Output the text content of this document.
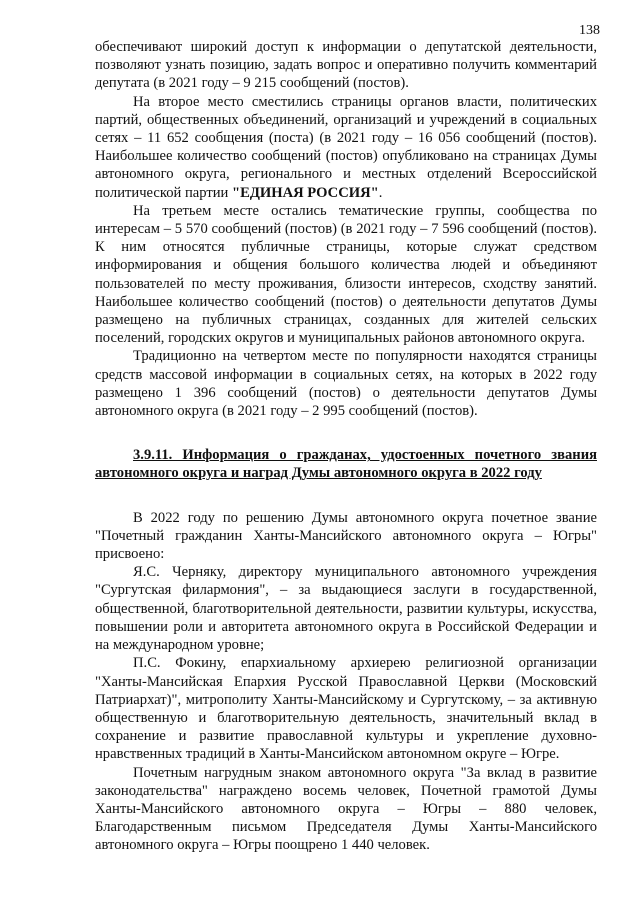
138

обеспечивают широкий доступ к информации о депутатской деятельности, позволяют узнать позицию, задать вопрос и оперативно получить комментарий депутата (в 2021 году – 9 215 сообщений (постов).

На второе место сместились страницы органов власти, политических партий, общественных объединений, организаций и учреждений в социальных сетях – 11 652 сообщения (поста) (в 2021 году – 16 056 сообщений (постов). Наибольшее количество сообщений (постов) опубликовано на страницах Думы автономного округа, регионального и местных отделений Всероссийской политической партии "ЕДИНАЯ РОССИЯ".

На третьем месте остались тематические группы, сообщества по интересам – 5 570 сообщений (постов) (в 2021 году – 7 596 сообщений (постов). К ним относятся публичные страницы, которые служат средством информирования и общения большого количества людей и объединяют пользователей по месту проживания, близости интересов, сходству занятий. Наибольшее количество сообщений (постов) о деятельности депутатов Думы размещено на публичных страницах, созданных для жителей сельских поселений, городских округов и муниципальных районов автономного округа.

Традиционно на четвертом месте по популярности находятся страницы средств массовой информации в социальных сетях, на которых в 2022 году размещено 1 396 сообщений (постов) о деятельности депутатов Думы автономного округа (в 2021 году – 2 995 сообщений (постов).

3.9.11. Информация о гражданах, удостоенных почетного звания автономного округа и наград Думы автономного округа в 2022 году

В 2022 году по решению Думы автономного округа почетное звание "Почетный гражданин Ханты-Мансийского автономного округа – Югры" присвоено:

Я.С. Черняку, директору муниципального автономного учреждения "Сургутская филармония", – за выдающиеся заслуги в государственной, общественной, благотворительной деятельности, развитии культуры, искусства, повышении роли и авторитета автономного округа в Российской Федерации и на международном уровне;

П.С. Фокину, епархиальному архиерею религиозной организации "Ханты-Мансийская Епархия Русской Православной Церкви (Московский Патриархат)", митрополиту Ханты-Мансийскому и Сургутскому, – за активную общественную и благотворительную деятельность, значительный вклад в сохранение и развитие православной культуры и укрепление духовно-нравственных традиций в Ханты-Мансийском автономном округе – Югре.

Почетным нагрудным знаком автономного округа "За вклад в развитие законодательства" награждено восемь человек, Почетной грамотой Думы Ханты-Мансийского автономного округа – Югры – 880 человек, Благодарственным письмом Председателя Думы Ханты-Мансийского автономного округа – Югры поощрено 1 440 человек.
